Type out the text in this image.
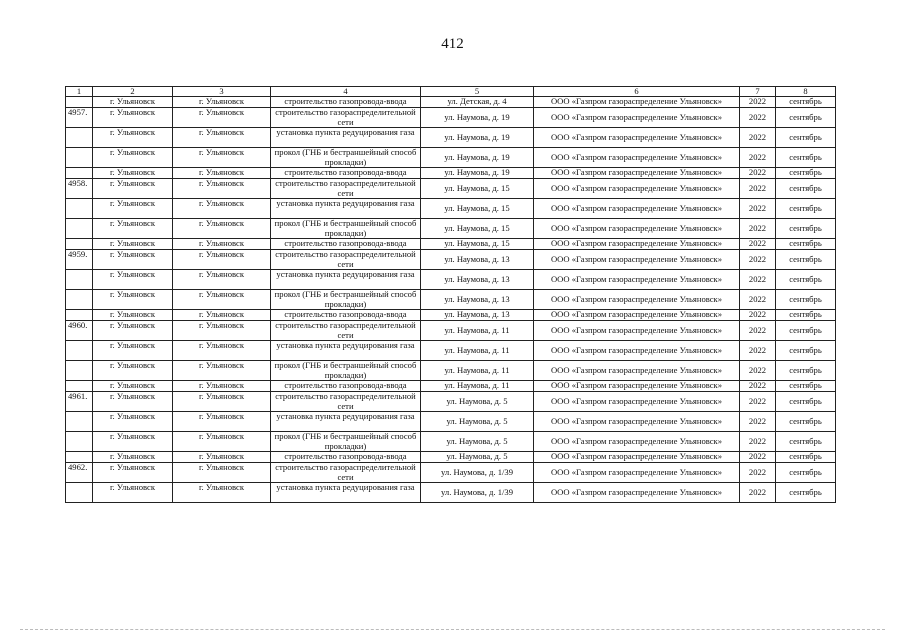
412
1	2	3	4	5	6	7	8
	г. Ульяновск	г. Ульяновск	строительство газопровода-ввода	ул. Детская, д. 4	ООО «Газпром газораспределение Ульяновск»	2022	сентябрь
4957.	г. Ульяновск	г. Ульяновск	строительство газораспределительной сети	ул. Наумова, д. 19	ООО «Газпром газораспределение Ульяновск»	2022	сентябрь
	г. Ульяновск	г. Ульяновск	установка пункта редуцирования газа	ул. Наумова, д. 19	ООО «Газпром газораспределение Ульяновск»	2022	сентябрь
	г. Ульяновск	г. Ульяновск	прокол (ГНБ и бестраншейный способ прокладки)	ул. Наумова, д. 19	ООО «Газпром газораспределение Ульяновск»	2022	сентябрь
	г. Ульяновск	г. Ульяновск	строительство газопровода-ввода	ул. Наумова, д. 19	ООО «Газпром газораспределение Ульяновск»	2022	сентябрь
4958.	г. Ульяновск	г. Ульяновск	строительство газораспределительной сети	ул. Наумова, д. 15	ООО «Газпром газораспределение Ульяновск»	2022	сентябрь
	г. Ульяновск	г. Ульяновск	установка пункта редуцирования газа	ул. Наумова, д. 15	ООО «Газпром газораспределение Ульяновск»	2022	сентябрь
	г. Ульяновск	г. Ульяновск	прокол (ГНБ и бестраншейный способ прокладки)	ул. Наумова, д. 15	ООО «Газпром газораспределение Ульяновск»	2022	сентябрь
	г. Ульяновск	г. Ульяновск	строительство газопровода-ввода	ул. Наумова, д. 15	ООО «Газпром газораспределение Ульяновск»	2022	сентябрь
4959.	г. Ульяновск	г. Ульяновск	строительство газораспределительной сети	ул. Наумова, д. 13	ООО «Газпром газораспределение Ульяновск»	2022	сентябрь
	г. Ульяновск	г. Ульяновск	установка пункта редуцирования газа	ул. Наумова, д. 13	ООО «Газпром газораспределение Ульяновск»	2022	сентябрь
	г. Ульяновск	г. Ульяновск	прокол (ГНБ и бестраншейный способ прокладки)	ул. Наумова, д. 13	ООО «Газпром газораспределение Ульяновск»	2022	сентябрь
	г. Ульяновск	г. Ульяновск	строительство газопровода-ввода	ул. Наумова, д. 13	ООО «Газпром газораспределение Ульяновск»	2022	сентябрь
4960.	г. Ульяновск	г. Ульяновск	строительство газораспределительной сети	ул. Наумова, д. 11	ООО «Газпром газораспределение Ульяновск»	2022	сентябрь
	г. Ульяновск	г. Ульяновск	установка пункта редуцирования газа	ул. Наумова, д. 11	ООО «Газпром газораспределение Ульяновск»	2022	сентябрь
	г. Ульяновск	г. Ульяновск	прокол (ГНБ и бестраншейный способ прокладки)	ул. Наумова, д. 11	ООО «Газпром газораспределение Ульяновск»	2022	сентябрь
	г. Ульяновск	г. Ульяновск	строительство газопровода-ввода	ул. Наумова, д. 11	ООО «Газпром газораспределение Ульяновск»	2022	сентябрь
4961.	г. Ульяновск	г. Ульяновск	строительство газораспределительной сети	ул. Наумова, д. 5	ООО «Газпром газораспределение Ульяновск»	2022	сентябрь
	г. Ульяновск	г. Ульяновск	установка пункта редуцирования газа	ул. Наумова, д. 5	ООО «Газпром газораспределение Ульяновск»	2022	сентябрь
	г. Ульяновск	г. Ульяновск	прокол (ГНБ и бестраншейный способ прокладки)	ул. Наумова, д. 5	ООО «Газпром газораспределение Ульяновск»	2022	сентябрь
	г. Ульяновск	г. Ульяновск	строительство газопровода-ввода	ул. Наумова, д. 5	ООО «Газпром газораспределение Ульяновск»	2022	сентябрь
4962.	г. Ульяновск	г. Ульяновск	строительство газораспределительной сети	ул. Наумова, д. 1/39	ООО «Газпром газораспределение Ульяновск»	2022	сентябрь
	г. Ульяновск	г. Ульяновск	установка пункта редуцирования газа	ул. Наумова, д. 1/39	ООО «Газпром газораспределение Ульяновск»	2022	сентябрь
